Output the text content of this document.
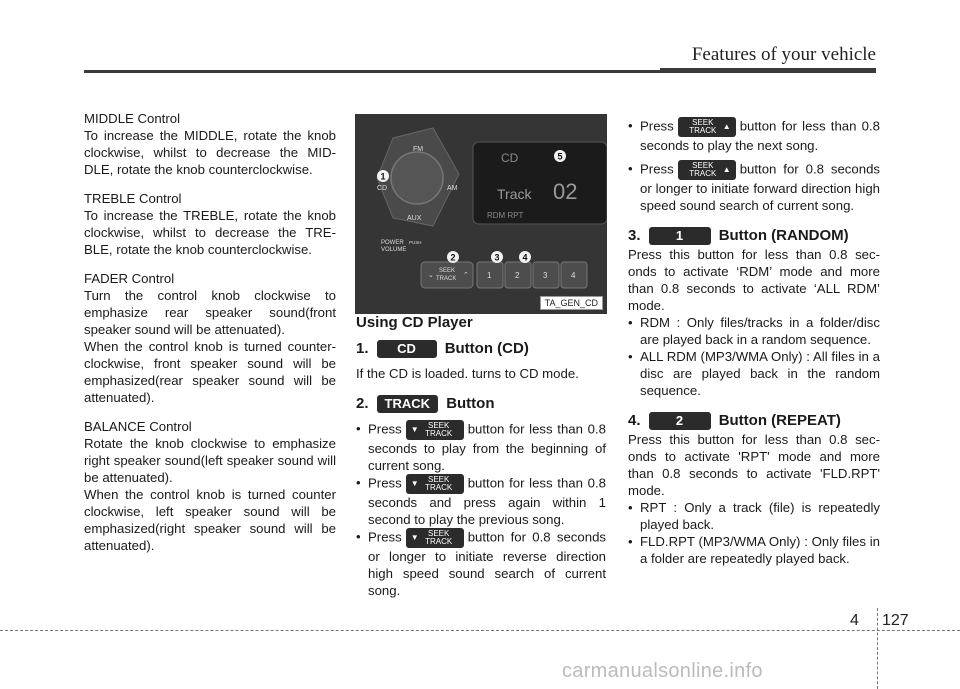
Features of your vehicle

MIDDLE Control

To increase the MIDDLE, rotate the knob clockwise, whilst to decrease the MID-DLE, rotate the knob counterclockwise.

TREBLE Control

To increase the TREBLE, rotate the knob clockwise, whilst to decrease the TRE-BLE, rotate the knob counterclockwise.

FADER Control

Turn the control knob clockwise to emphasize rear speaker sound(front speaker sound will be attenuated).

When the control knob is turned counter-clockwise, front speaker sound will be emphasized(rear speaker sound will be attenuated).

BALANCE Control

Rotate the knob clockwise to emphasize right speaker sound(left speaker sound will be attenuated).

When the control knob is turned counter clockwise, left speaker sound will be emphasized(right speaker sound will be attenuated).

CD
Track 02
RDM RPT
FM
CD	AM
AUX
POWER PUSH
VOLUME
SEEK
TRACK
⌄	⌃ 1	2	3	4
1
2	3	4
5
TA_GEN_CD
Using CD Player
1. CD Button (CD)

If the CD is loaded. turns to CD mode.

2. TRACK Button

• Press ▼	SEEK
TRACK	button for less than 0.8 seconds to play from the beginning of current song.

• Press ▼	SEEK
TRACK	button for less than 0.8 seconds and press again within 1 second to play the previous song.

• Press ▼	SEEK
TRACK	button for 0.8 seconds or longer to initiate reverse direction high speed sound search of current song.

• Press	SEEK
TRACK ▲ button for less than 0.8 seconds to play the next song.

• Press	SEEK
TRACK ▲ button for 0.8 seconds or longer to initiate forward direction high speed sound search of current song.

3.	1 Button (RANDOM)

Press this button for less than 0.8 sec-onds to activate ‘RDM’ mode and more than 0.8 seconds to activate ‘ALL RDM’ mode.

• RDM : Only files/tracks in a folder/disc are played back in a random sequence.

• ALL RDM (MP3/WMA Only) : All files in a disc are played back in the random sequence.

4.	2 Button (REPEAT)

Press this button for less than 0.8 sec-onds to activate 'RPT' mode and more than 0.8 seconds to activate 'FLD.RPT' mode.

• RPT : Only a track (file) is repeatedly played back.

• FLD.RPT (MP3/WMA Only) : Only files in a folder are repeatedly played back.

4 127
carmanualsonline.info
